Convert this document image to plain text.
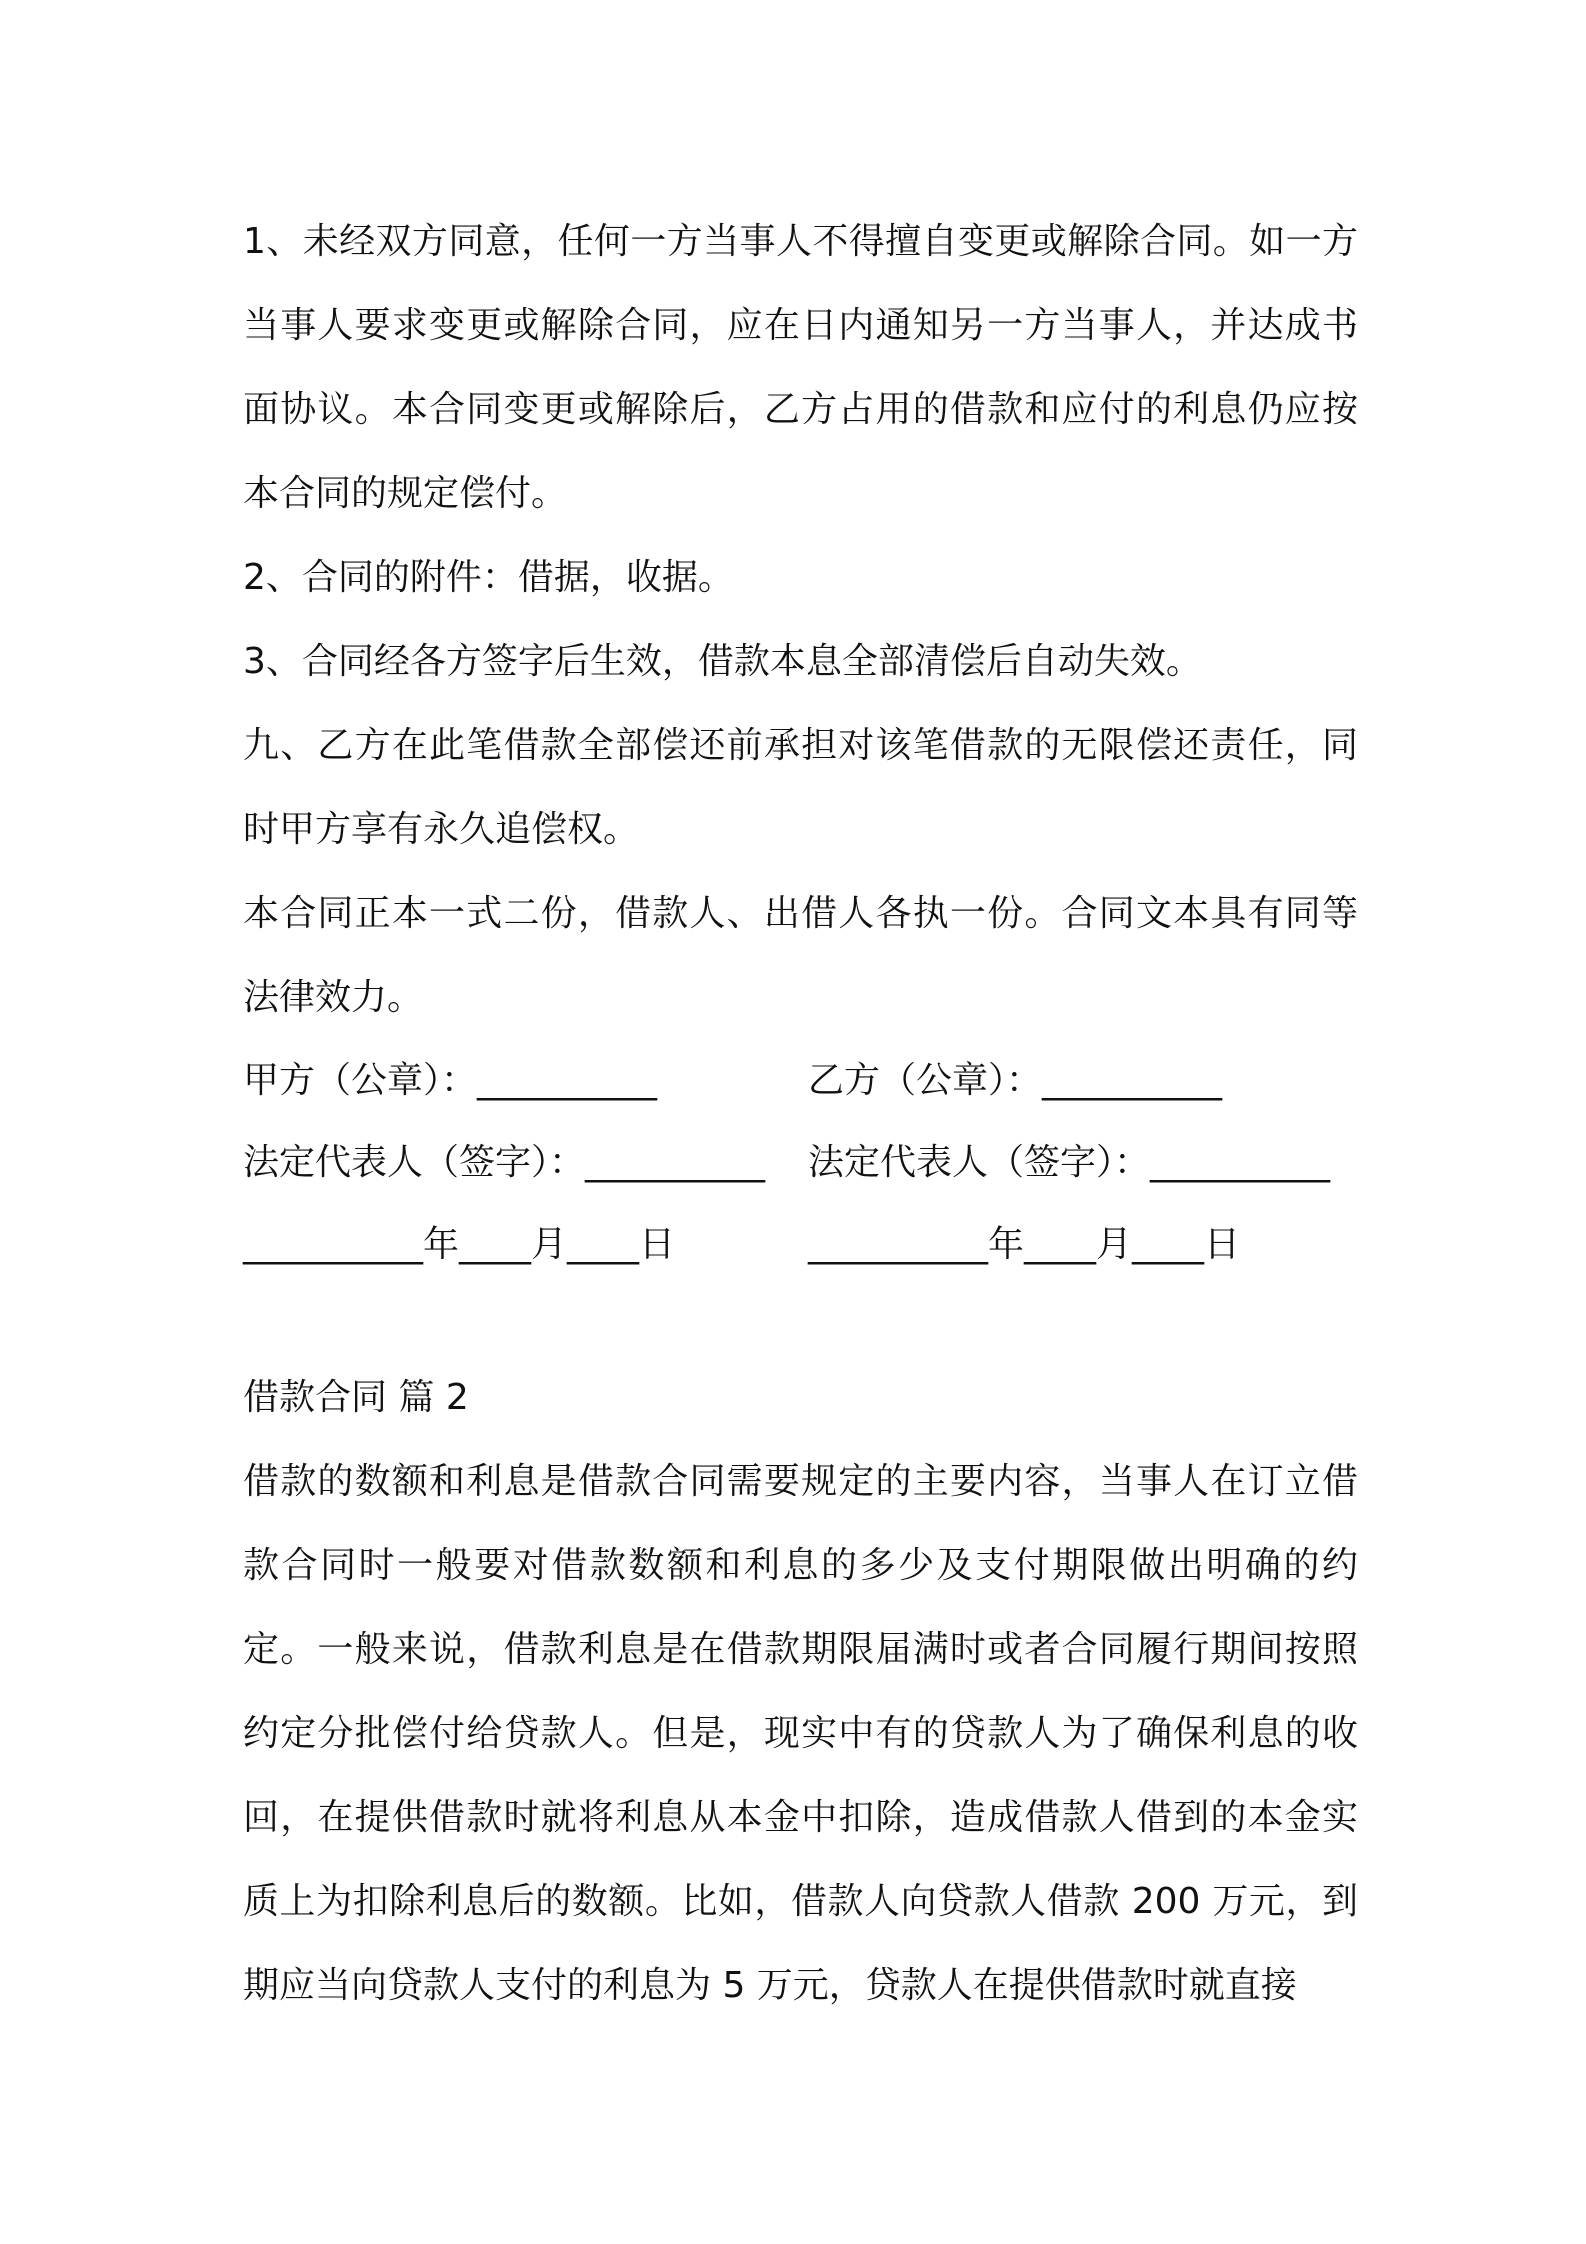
1、未经双方同意，任何一方当事人不得擅自变更或解除合同。如一方当事人要求变更或解除合同，应在日内通知另一方当事人，并达成书面协议。本合同变更或解除后，乙方占用的借款和应付的利息仍应按本合同的规定偿付。

2、合同的附件：借据，收据。

3、合同经各方签字后生效，借款本息全部清偿后自动失效。

九、乙方在此笔借款全部偿还前承担对该笔借款的无限偿还责任，同时甲方享有永久追偿权。

本合同正本一式二份，借款人、出借人各执一份。合同文本具有同等法律效力。

甲方（公章）：__________	乙方（公章）：__________
法定代表人（签字）：__________	法定代表人（签字）：__________
__________年____月____日	__________年____月____日

借款合同 篇 2

借款的数额和利息是借款合同需要规定的主要内容，当事人在订立借款合同时一般要对借款数额和利息的多少及支付期限做出明确的约定。一般来说，借款利息是在借款期限届满时或者合同履行期间按照约定分批偿付给贷款人。但是，现实中有的贷款人为了确保利息的收回，在提供借款时就将利息从本金中扣除，造成借款人借到的本金实质上为扣除利息后的数额。比如，借款人向贷款人借款 200 万元，到期应当向贷款人支付的利息为 5 万元，贷款人在提供借款时就直接
